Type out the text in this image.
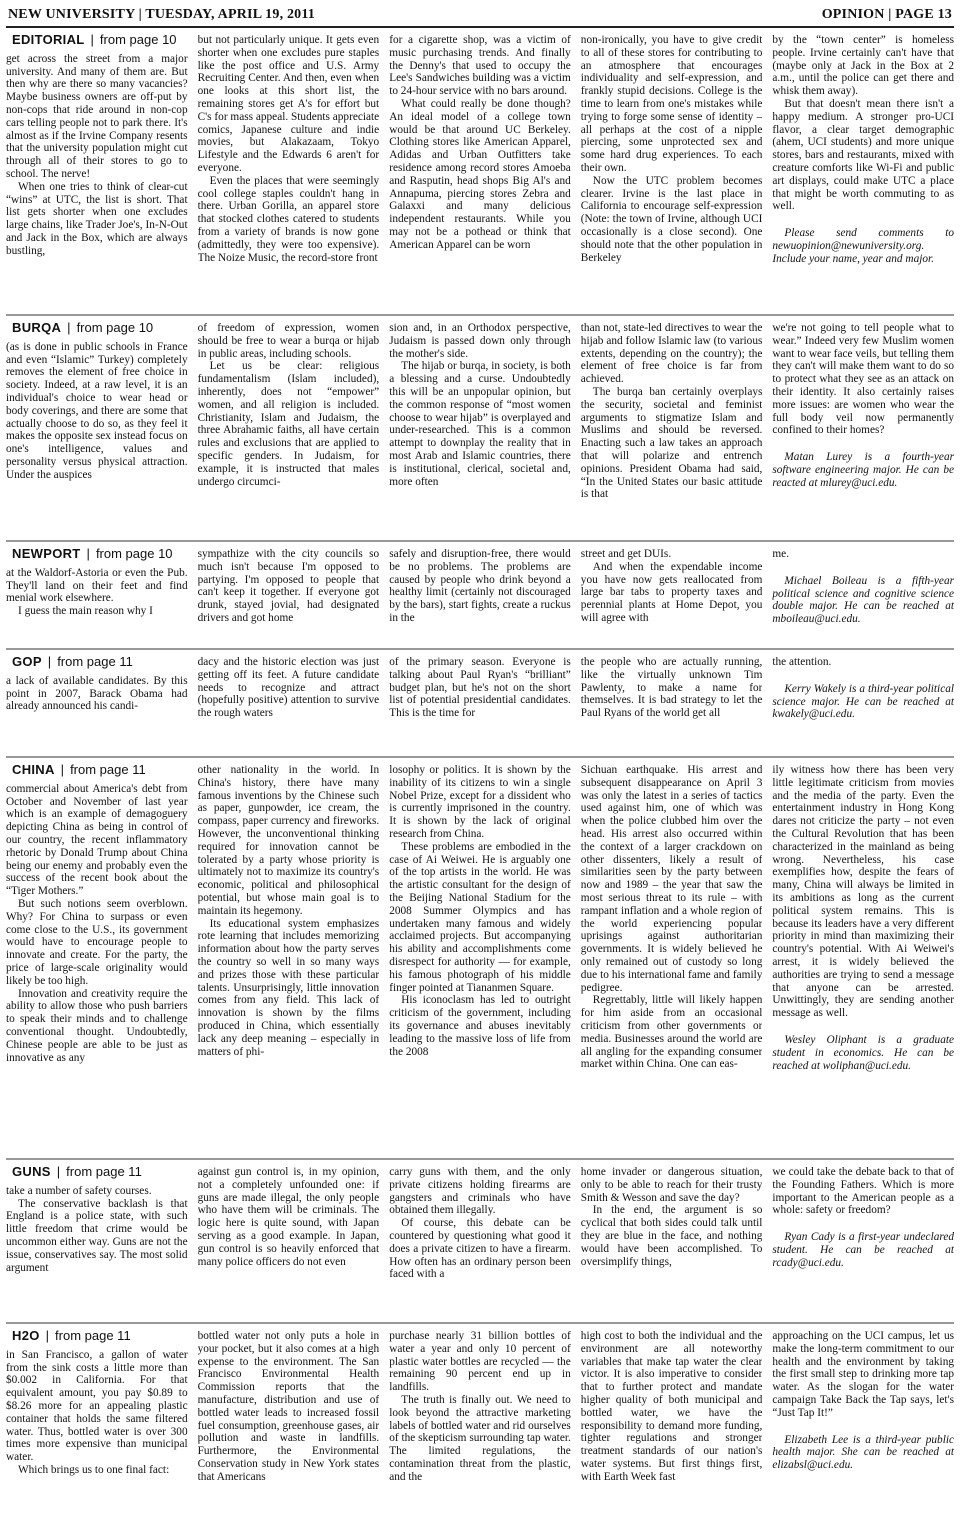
NEW UNIVERSITY | TUESDAY, APRIL 19, 2011	OPINION | PAGE 13
EDITORIAL | from page 10

get across the street from a major university. And many of them are. But then why are there so many vacancies? Maybe business owners are off-put by non-cops that ride around in non-cop cars telling people not to park there. It's almost as if the Irvine Company resents that the university population might cut through all of their stores to go to school. The nerve!

When one tries to think of clear-cut “wins” at UTC, the list is short. That list gets shorter when one excludes large chains, like Trader Joe's, In-N-Out and Jack in the Box, which are always bustling,

but not particularly unique. It gets even shorter when one excludes pure staples like the post office and U.S. Army Recruiting Center. And then, even when one looks at this short list, the remaining stores get A's for effort but C's for mass appeal. Students appreciate comics, Japanese culture and indie movies, but Alakazaam, Tokyo Lifestyle and the Edwards 6 aren't for everyone.

Even the places that were seemingly cool college staples couldn't hang in there. Urban Gorilla, an apparel store that stocked clothes catered to students from a variety of brands is now gone (admittedly, they were too expensive). The Noize Music, the record-store front

for a cigarette shop, was a victim of music purchasing trends. And finally the Denny's that used to occupy the Lee's Sandwiches building was a victim to 24-hour service with no bars around.

What could really be done though? An ideal model of a college town would be that around UC Berkeley. Clothing stores like American Apparel, Adidas and Urban Outfitters take residence among record stores Amoeba and Rasputin, head shops Big Al's and Annapuma, piercing stores Zebra and Galaxxi and many delicious independent restaurants. While you may not be a pothead or think that American Apparel can be worn

non-ironically, you have to give credit to all of these stores for contributing to an atmosphere that encourages individuality and self-expression, and frankly stupid decisions. College is the time to learn from one's mistakes while trying to forge some sense of identity – all perhaps at the cost of a nipple piercing, some unprotected sex and some hard drug experiences. To each their own.

Now the UTC problem becomes clearer. Irvine is the last place in California to encourage self-expression (Note: the town of Irvine, although UCI occasionally is a close second). One should note that the other population in Berkeley

by the “town center” is homeless people. Irvine certainly can't have that (maybe only at Jack in the Box at 2 a.m., until the police can get there and whisk them away).

But that doesn't mean there isn't a happy medium. A stronger pro-UCI flavor, a clear target demographic (ahem, UCI students) and more unique stores, bars and restaurants, mixed with creature comforts like Wi-Fi and public art displays, could make UTC a place that might be worth commuting to as well.

Please send comments to newuopinion@newuniversity.org. Include your name, year and major.

BURQA | from page 10

(as is done in public schools in France and even “Islamic” Turkey) completely removes the element of free choice in society. Indeed, at a raw level, it is an individual's choice to wear head or body coverings, and there are some that actually choose to do so, as they feel it makes the opposite sex instead focus on one's intelligence, values and personality versus physical attraction. Under the auspices

of freedom of expression, women should be free to wear a burqa or hijab in public areas, including schools.

Let us be clear: religious fundamentalism (Islam included), inherently, does not “empower” women, and all religion is included. Christianity, Islam and Judaism, the three Abrahamic faiths, all have certain rules and exclusions that are applied to specific genders. In Judaism, for example, it is instructed that males undergo circumci-

sion and, in an Orthodox perspective, Judaism is passed down only through the mother's side.

The hijab or burqa, in society, is both a blessing and a curse. Undoubtedly this will be an unpopular opinion, but the common response of “most women choose to wear hijab” is overplayed and under-researched. This is a common attempt to downplay the reality that in most Arab and Islamic countries, there is institutional, clerical, societal and, more often

than not, state-led directives to wear the hijab and follow Islamic law (to various extents, depending on the country); the element of free choice is far from achieved.

The burqa ban certainly overplays the security, societal and feminist arguments to stigmatize Islam and Muslims and should be reversed. Enacting such a law takes an approach that will polarize and entrench opinions. President Obama had said, “In the United States our basic attitude is that

we're not going to tell people what to wear.” Indeed very few Muslim women want to wear face veils, but telling them they can't will make them want to do so to protect what they see as an attack on their identity. It also certainly raises more issues: are women who wear the full body veil now permanently confined to their homes?

Matan Lurey is a fourth-year software engineering major. He can be reacted at mlurey@uci.edu.

NEWPORT | from page 10

at the Waldorf-Astoria or even the Pub. They'll land on their feet and find menial work elsewhere.

I guess the main reason why I

sympathize with the city councils so much isn't because I'm opposed to partying. I'm opposed to people that can't keep it together. If everyone got drunk, stayed jovial, had designated drivers and got home

safely and disruption-free, there would be no problems. The problems are caused by people who drink beyond a healthy limit (certainly not discouraged by the bars), start fights, create a ruckus in the

street and get DUIs.

And when the expendable income you have now gets reallocated from large bar tabs to property taxes and perennial plants at Home Depot, you will agree with

me.

Michael Boileau is a fifth-year political science and cognitive science double major. He can be reached at mboileau@uci.edu.

GOP | from page 11

a lack of available candidates. By this point in 2007, Barack Obama had already announced his candi-

dacy and the historic election was just getting off its feet. A future candidate needs to recognize and attract (hopefully positive) attention to survive the rough waters

of the primary season. Everyone is talking about Paul Ryan's “brilliant” budget plan, but he's not on the short list of potential presidential candidates. This is the time for

the people who are actually running, like the virtually unknown Tim Pawlenty, to make a name for themselves. It is bad strategy to let the Paul Ryans of the world get all

the attention.

Kerry Wakely is a third-year political science major. He can be reached at kwakely@uci.edu.

CHINA | from page 11

commercial about America's debt from October and November of last year which is an example of demagoguery depicting China as being in control of our country, the recent inflammatory rhetoric by Donald Trump about China being our enemy and probably even the success of the recent book about the “Tiger Mothers.”

But such notions seem overblown. Why? For China to surpass or even come close to the U.S., its government would have to encourage people to innovate and create. For the party, the price of large-scale originality would likely be too high.

Innovation and creativity require the ability to allow those who push barriers to speak their minds and to challenge conventional thought. Undoubtedly, Chinese people are able to be just as innovative as any

other nationality in the world. In China's history, there have many famous inventions by the Chinese such as paper, gunpowder, ice cream, the compass, paper currency and fireworks. However, the unconventional thinking required for innovation cannot be tolerated by a party whose priority is ultimately not to maximize its country's economic, political and philosophical potential, but whose main goal is to maintain its hegemony.

Its educational system emphasizes rote learning that includes memorizing information about how the party serves the country so well in so many ways and prizes those with these particular talents. Unsurprisingly, little innovation comes from any field. This lack of innovation is shown by the films produced in China, which essentially lack any deep meaning – especially in matters of phi-

losophy or politics. It is shown by the inability of its citizens to win a single Nobel Prize, except for a dissident who is currently imprisoned in the country. It is shown by the lack of original research from China.

These problems are embodied in the case of Ai Weiwei. He is arguably one of the top artists in the world. He was the artistic consultant for the design of the Beijing National Stadium for the 2008 Summer Olympics and has undertaken many famous and widely acclaimed projects. But accompanying his ability and accomplishments come disrespect for authority — for example, his famous photograph of his middle finger pointed at Tiananmen Square.

His iconoclasm has led to outright criticism of the government, including its governance and abuses inevitably leading to the massive loss of life from the 2008

Sichuan earthquake. His arrest and subsequent disappearance on April 3 was only the latest in a series of tactics used against him, one of which was when the police clubbed him over the head. His arrest also occurred within the context of a larger crackdown on other dissenters, likely a result of similarities seen by the party between now and 1989 – the year that saw the most serious threat to its rule – with rampant inflation and a whole region of the world experiencing popular uprisings against authoritarian governments. It is widely believed he only remained out of custody so long due to his international fame and family pedigree.

Regrettably, little will likely happen for him aside from an occasional criticism from other governments or media. Businesses around the world are all angling for the expanding consumer market within China. One can eas-

ily witness how there has been very little legitimate criticism from movies and the media of the party. Even the entertainment industry in Hong Kong dares not criticize the party – not even the Cultural Revolution that has been characterized in the mainland as being wrong. Nevertheless, his case exemplifies how, despite the fears of many, China will always be limited in its ambitions as long as the current political system remains. This is because its leaders have a very different priority in mind than maximizing their country's potential. With Ai Weiwei's arrest, it is widely believed the authorities are trying to send a message that anyone can be arrested. Unwittingly, they are sending another message as well.

Wesley Oliphant is a graduate student in economics. He can be reached at woliphan@uci.edu.

GUNS | from page 11

take a number of safety courses.

The conservative backlash is that England is a police state, with such little freedom that crime would be uncommon either way. Guns are not the issue, conservatives say. The most solid argument

against gun control is, in my opinion, not a completely unfounded one: if guns are made illegal, the only people who have them will be criminals. The logic here is quite sound, with Japan serving as a good example. In Japan, gun control is so heavily enforced that many police officers do not even

carry guns with them, and the only private citizens holding firearms are gangsters and criminals who have obtained them illegally.

Of course, this debate can be countered by questioning what good it does a private citizen to have a firearm. How often has an ordinary person been faced with a

home invader or dangerous situation, only to be able to reach for their trusty Smith & Wesson and save the day?

In the end, the argument is so cyclical that both sides could talk until they are blue in the face, and nothing would have been accomplished. To oversimplify things,

we could take the debate back to that of the Founding Fathers. Which is more important to the American people as a whole: safety or freedom?

Ryan Cady is a first-year undeclared student. He can be reached at rcady@uci.edu.

H2O | from page 11

in San Francisco, a gallon of water from the sink costs a little more than $0.002 in California. For that equivalent amount, you pay $0.89 to $8.26 more for an appealing plastic container that holds the same filtered water. Thus, bottled water is over 300 times more expensive than municipal water.

Which brings us to one final fact:

bottled water not only puts a hole in your pocket, but it also comes at a high expense to the environment. The San Francisco Environmental Health Commission reports that the manufacture, distribution and use of bottled water leads to increased fossil fuel consumption, greenhouse gases, air pollution and waste in landfills. Furthermore, the Environmental Conservation study in New York states that Americans

purchase nearly 31 billion bottles of water a year and only 10 percent of plastic water bottles are recycled — the remaining 90 percent end up in landfills.

The truth is finally out. We need to look beyond the attractive marketing labels of bottled water and rid ourselves of the skepticism surrounding tap water. The limited regulations, the contamination threat from the plastic, and the

high cost to both the individual and the environment are all noteworthy variables that make tap water the clear victor. It is also imperative to consider that to further protect and mandate higher quality of both municipal and bottled water, we have the responsibility to demand more funding, tighter regulations and stronger treatment standards of our nation's water systems. But first things first, with Earth Week fast

approaching on the UCI campus, let us make the long-term commitment to our health and the environment by taking the first small step to drinking more tap water. As the slogan for the water campaign Take Back the Tap says, let's “Just Tap It!”

Elizabeth Lee is a third-year public health major. She can be reached at elizabsl@uci.edu.
